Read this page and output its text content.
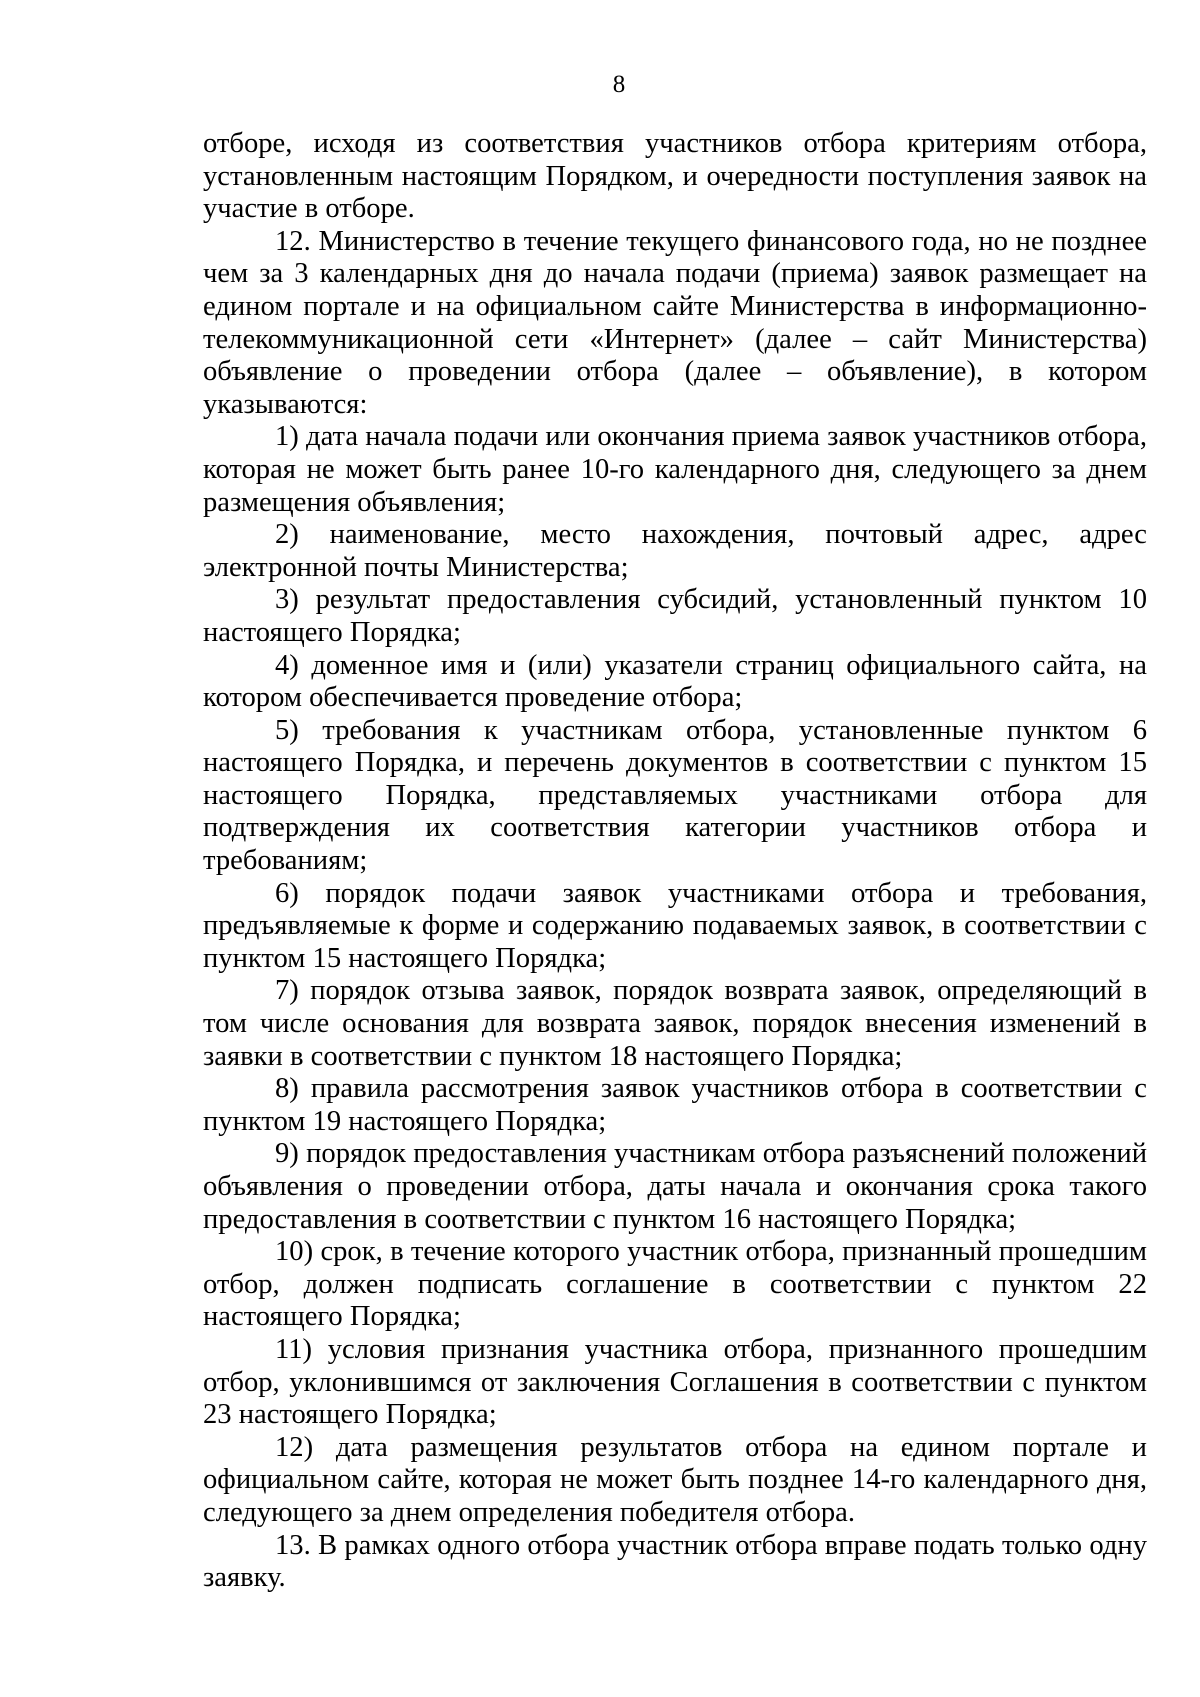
8

отборе, исходя из соответствия участников отбора критериям отбора, установленным настоящим Порядком, и очередности поступления заявок на участие в отборе.

12. Министерство в течение текущего финансового года, но не позднее чем за 3 календарных дня до начала подачи (приема) заявок размещает на едином портале и на официальном сайте Министерства в информационно-телекоммуникационной сети «Интернет» (далее – сайт Министерства) объявление о проведении отбора (далее – объявление), в котором указываются:

1) дата начала подачи или окончания приема заявок участников отбора, которая не может быть ранее 10-го календарного дня, следующего за днем размещения объявления;

2) наименование, место нахождения, почтовый адрес, адрес электронной почты Министерства;

3) результат предоставления субсидий, установленный пунктом 10 настоящего Порядка;

4) доменное имя и (или) указатели страниц официального сайта, на котором обеспечивается проведение отбора;

5) требования к участникам отбора, установленные пунктом 6 настоящего Порядка, и перечень документов в соответствии с пунктом 15 настоящего Порядка, представляемых участниками отбора для подтверждения их соответствия категории участников отбора и требованиям;

6) порядок подачи заявок участниками отбора и требования, предъявляемые к форме и содержанию подаваемых заявок, в соответствии с пунктом 15 настоящего Порядка;

7) порядок отзыва заявок, порядок возврата заявок, определяющий в том числе основания для возврата заявок, порядок внесения изменений в заявки в соответствии с пунктом 18 настоящего Порядка;

8) правила рассмотрения заявок участников отбора в соответствии с пунктом 19 настоящего Порядка;

9) порядок предоставления участникам отбора разъяснений положений объявления о проведении отбора, даты начала и окончания срока такого предоставления в соответствии с пунктом 16 настоящего Порядка;

10) срок, в течение которого участник отбора, признанный прошедшим отбор, должен подписать соглашение в соответствии с пунктом 22 настоящего Порядка;

11) условия признания участника отбора, признанного прошедшим отбор, уклонившимся от заключения Соглашения в соответствии с пунктом 23 настоящего Порядка;

12) дата размещения результатов отбора на едином портале и официальном сайте, которая не может быть позднее 14-го календарного дня, следующего за днем определения победителя отбора.

13. В рамках одного отбора участник отбора вправе подать только одну заявку.
